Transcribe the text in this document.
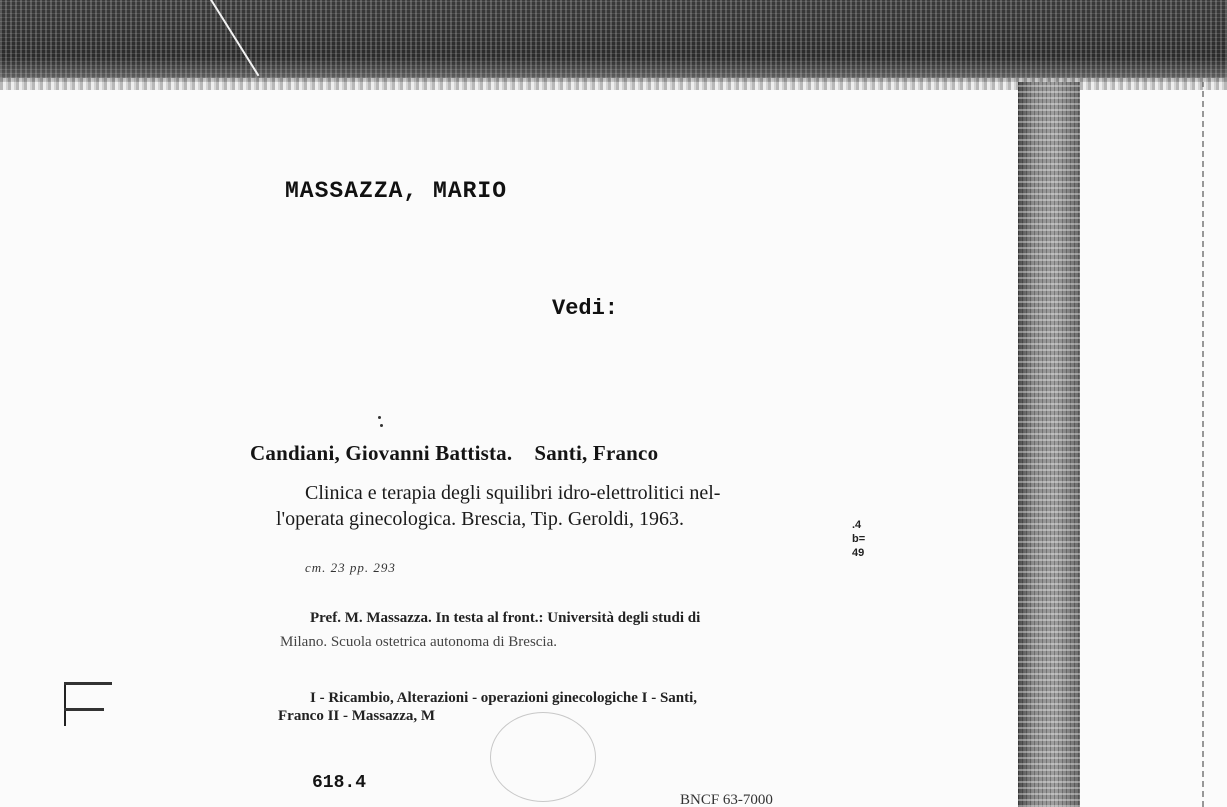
MASSAZZA, MARIO
Vedi:
Candiani, Giovanni Battista. Santi, Franco
Clinica e terapia degli squilibri idro-elettrolitici nel-
l'operata ginecologica. Brescia, Tip. Geroldi, 1963.	.4
b=
49
cm. 23 pp. 293
Pref. M. Massazza. In testa al front.: Università degli studi di
Milano. Scuola ostetrica autonoma di Brescia.
I - Ricambio, Alterazioni - operazioni ginecologiche I - Santi,
Franco II - Massazza, M
618.4
BNCF 63-7000
